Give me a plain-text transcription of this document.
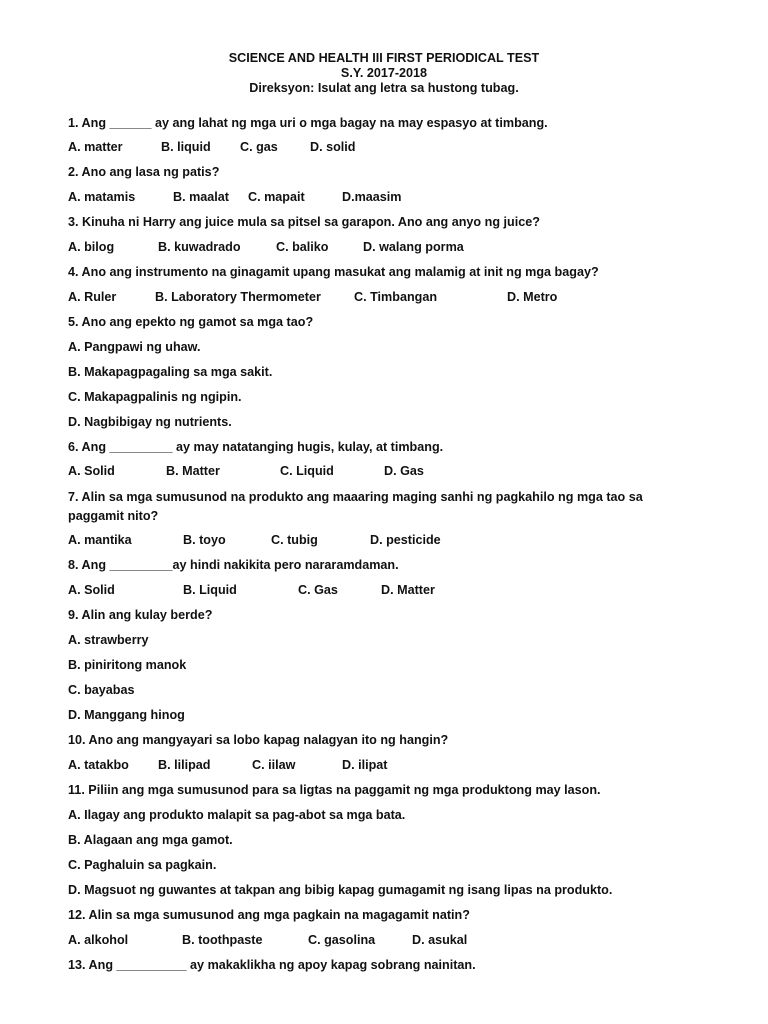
SCIENCE AND HEALTH III FIRST PERIODICAL TEST
S.Y. 2017-2018
Direksyon: Isulat ang letra sa hustong tubag.
1. Ang ______ ay ang lahat ng mga uri o mga bagay na may espasyo at timbang.
A. matter	B. liquid C. gas	D. solid
2. Ano ang lasa ng patis?
A. matamis	B. maalat C. mapait	D.maasim
3. Kinuha ni Harry ang juice mula sa pitsel sa garapon. Ano ang anyo ng juice?
A. bilog	B. kuwadrado	C. baliko	D. walang porma
4. Ano ang instrumento na ginagamit upang masukat ang malamig at init ng mga bagay?
A. Ruler	B. Laboratory Thermometer	C. Timbangan	D. Metro
5. Ano ang epekto ng gamot sa mga tao?
A. Pangpawi ng uhaw.
B. Makapagpagaling sa mga sakit.
C. Makapagpalinis ng ngipin.
D. Nagbibigay ng nutrients.
6. Ang _________ ay may natatanging hugis, kulay, at timbang.
A. Solid	B. Matter	C. Liquid	D. Gas
7. Alin sa mga sumusunod na produkto ang maaaring maging sanhi ng pagkahilo ng mga tao sa paggamit nito?
A. mantika	B. toyo	C. tubig	D. pesticide
8. Ang _________ay hindi nakikita pero nararamdaman.
A. Solid	B. Liquid	C. Gas	D. Matter
9. Alin ang kulay berde?
A. strawberry
B. piniritong manok
C. bayabas
D. Manggang hinog
10. Ano ang mangyayari sa lobo kapag nalagyan ito ng hangin?
A. tatakbo B. lilipad	C. iilaw	D. ilipat
11. Piliin ang mga sumusunod para sa ligtas na paggamit ng mga produktong may lason.
A. Ilagay ang produkto malapit sa pag-abot sa mga bata.
B. Alagaan ang mga gamot.
C. Paghaluin sa pagkain.
D. Magsuot ng guwantes at takpan ang bibig kapag gumagamit ng isang lipas na produkto.
12. Alin sa mga sumusunod ang mga pagkain na magagamit natin?
A. alkohol	B. toothpaste	C. gasolina	D. asukal
13. Ang __________ ay makaklikha ng apoy kapag sobrang nainitan.
